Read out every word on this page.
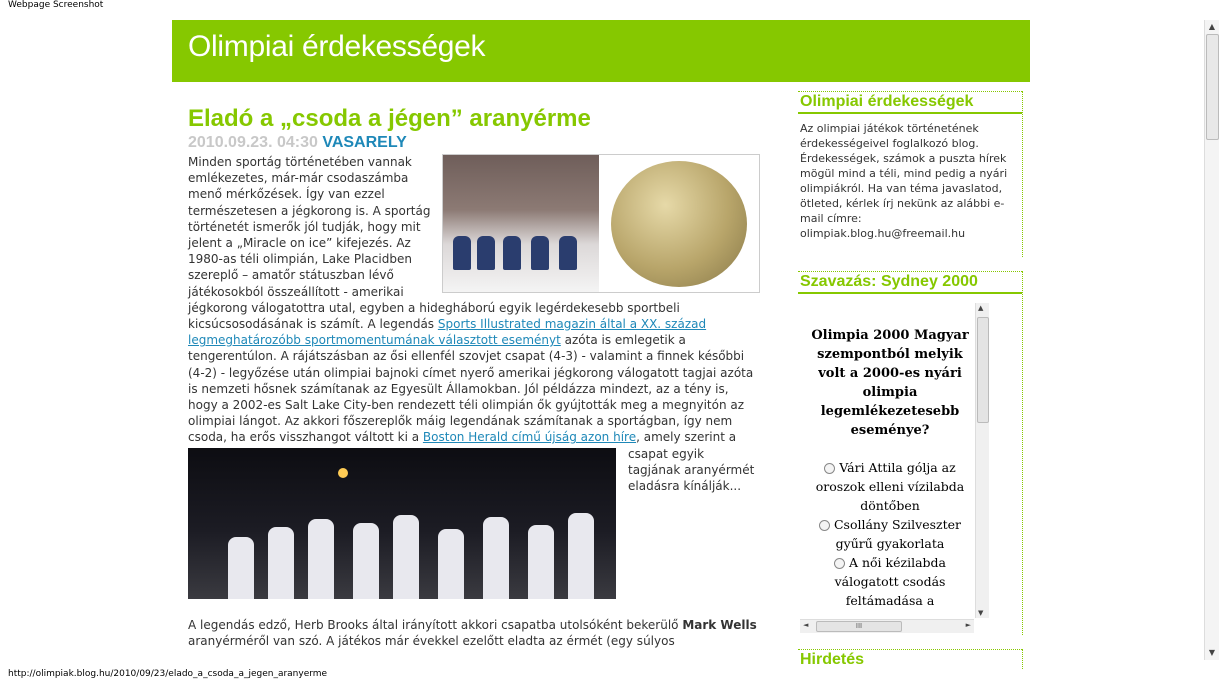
Webpage Screenshot
Olimpiai érdekességek
Eladó a „csoda a jégen” aranyérme
2010.09.23. 04:30 VASARELY
Minden sportág történetében vannak emlékezetes, már-már csodaszámba menő mérkőzések. Így van ezzel természetesen a jégkorong is. A sportág történetét ismerők jól tudják, hogy mit jelent a „Miracle on ice” kifejezés. Az 1980-as téli olimpián, Lake Placidben szereplő – amatőr státuszban lévő játékosokból összeállított - amerikai jégkorong válogatottra utal, egyben a hidegháború egyik legérdekesebb sportbeli kicsúcsosodásának is számít. A legendás Sports Illustrated magazin által a XX. század legmeghatározóbb sportmomentumának választott eseményt azóta is emlegetik a tengerentúlon. A rájátszásban az ősi ellenfél szovjet csapat (4-3) - valamint a finnek későbbi (4-2) - legyőzése után olimpiai bajnoki címet nyerő amerikai jégkorong válogatott tagjai azóta is nemzeti hősnek számítanak az Egyesült Államokban. Jól példázza mindezt, az a tény is, hogy a 2002-es Salt Lake City-ben rendezett téli olimpián ők gyújtották meg a megnyitón az olimpiai lángot. Az akkori főszereplők máig legendának számítanak a sportágban, így nem csoda, ha erős visszhangot váltott ki a
Boston Herald című újság azon híre, amely szerint a csapat egyik tagjának aranyérmét eladásra kínálják...
A legendás edző, Herb Brooks által irányított akkori csapatba utolsóként bekerülő Mark Wells aranyérméről van szó. A játékos már évekkel ezelőtt eladta az érmét (egy súlyos
Olimpiai érdekességek
Az olimpiai játékok történetének érdekességeivel foglalkozó blog. Érdekességek, számok a puszta hírek mögül mind a téli, mind pedig a nyári olimpiákról. Ha van téma javaslatod, ötleted, kérlek írj nekünk az alábbi e-mail címre: olimpiak.blog.hu@freemail.hu
Szavazás: Sydney 2000
Olimpia 2000 Magyar szempontból melyik volt a 2000-es nyári olimpia legemlékezetesebb eseménye?
Vári Attila gólja az oroszok elleni vízilabda döntőben
Csollány Szilveszter gyűrű gyakorlata
A női kézilabda válogatott csodás feltámadása a
▲
▼
◄	III	►
Hirdetés
▲
▼
http://olimpiak.blog.hu/2010/09/23/elado_a_csoda_a_jegen_aranyerme
